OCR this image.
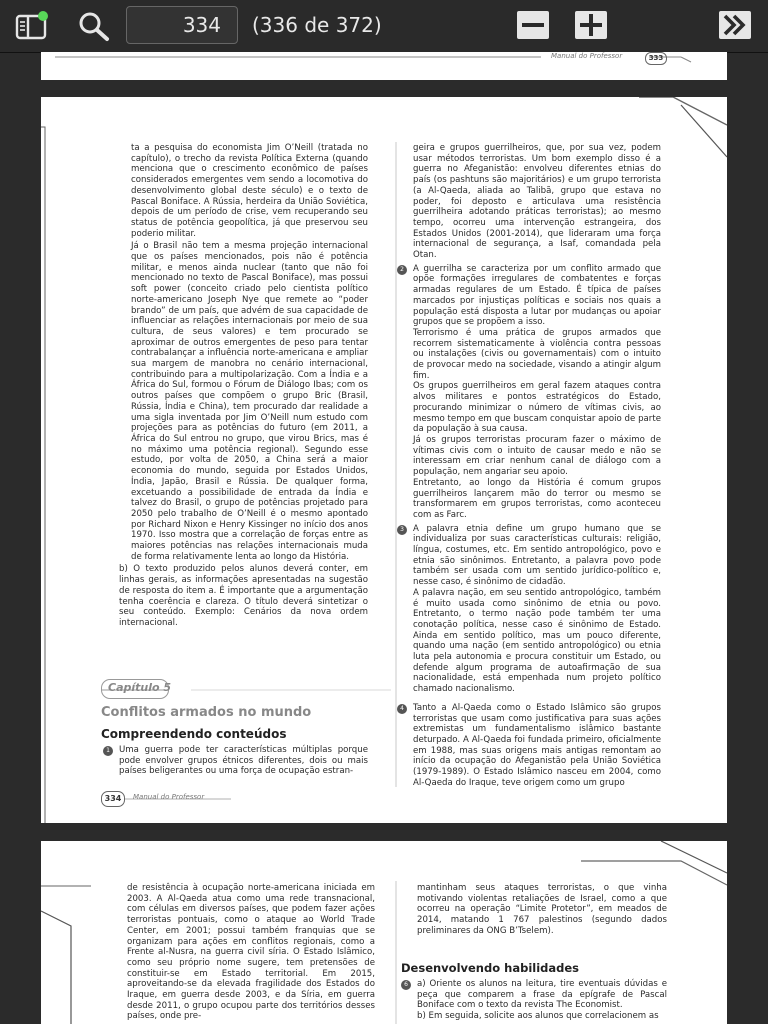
334	(336 de 372)
Manual do Professor	333

ta a pesquisa do economista Jim O’Neill (tratada no capítulo), o trecho da revista Política Externa (quando menciona que o crescimento econômico de países considerados emergentes vem sendo a locomotiva do desenvolvimento global deste século) e o texto de Pascal Boniface. A Rússia, herdeira da União Soviética, depois de um período de crise, vem recuperando seu status de potência geopolítica, já que preservou seu poderio militar.

Já o Brasil não tem a mesma projeção internacional que os países mencionados, pois não é potência militar, e menos ainda nuclear (tanto que não foi mencionado no texto de Pascal Boniface), mas possui soft power (conceito criado pelo cientista político norte-americano Joseph Nye que remete ao “poder brando” de um país, que advém de sua capacidade de influenciar as relações internacionais por meio de sua cultura, de seus valores) e tem procurado se aproximar de outros emergentes de peso para tentar contrabalançar a influência norte-americana e ampliar sua margem de manobra no cenário internacional, contribuindo para a multipolarização. Com a Índia e a África do Sul, formou o Fórum de Diálogo Ibas; com os outros países que compõem o grupo Bric (Brasil, Rússia, Índia e China), tem procurado dar realidade a uma sigla inventada por Jim O’Neill num estudo com projeções para as potências do futuro (em 2011, a África do Sul entrou no grupo, que virou Brics, mas é no máximo uma potência regional). Segundo esse estudo, por volta de 2050, a China será a maior economia do mundo, seguida por Estados Unidos, Índia, Japão, Brasil e Rússia. De qualquer forma, excetuando a possibilidade de entrada da Índia e talvez do Brasil, o grupo de potências projetado para 2050 pelo trabalho de O’Neill é o mesmo apontado por Richard Nixon e Henry Kissinger no início dos anos 1970. Isso mostra que a correlação de forças entre as maiores potências nas relações internacionais muda de forma relativamente lenta ao longo da História.

b) O texto produzido pelos alunos deverá conter, em linhas gerais, as informações apresentadas na sugestão de resposta do item a. É importante que a argumentação tenha coerência e clareza. O título deverá sintetizar o seu conteúdo. Exemplo: Cenários da nova ordem internacional.

Capítulo 5
Conflitos armados no mundo
Compreendendo conteúdos
1	Uma guerra pode ter características múltiplas porque pode envolver grupos étnicos diferentes, dois ou mais países beligerantes ou uma força de ocupação estran-

334	Manual do Professor

geira e grupos guerrilheiros, que, por sua vez, podem usar métodos terroristas. Um bom exemplo disso é a guerra no Afeganistão: envolveu diferentes etnias do país (os pashtuns são majoritários) e um grupo terrorista (a Al-Qaeda, aliada ao Talibã, grupo que estava no poder, foi deposto e articulava uma resistência guerrilheira adotando práticas terroristas); ao mesmo tempo, ocorreu uma intervenção estrangeira, dos Estados Unidos (2001-2014), que lideraram uma força internacional de segurança, a Isaf, comandada pela Otan.

2	A guerrilha se caracteriza por um conflito armado que opõe formações irregulares de combatentes e forças armadas regulares de um Estado. É típica de países marcados por injustiças políticas e sociais nos quais a população está disposta a lutar por mudanças ou apoiar grupos que se propõem a isso.

Terrorismo é uma prática de grupos armados que recorrem sistematicamente à violência contra pessoas ou instalações (civis ou governamentais) com o intuito de provocar medo na sociedade, visando a atingir algum fim.

Os grupos guerrilheiros em geral fazem ataques contra alvos militares e pontos estratégicos do Estado, procurando minimizar o número de vítimas civis, ao mesmo tempo em que buscam conquistar apoio de parte da população à sua causa.

Já os grupos terroristas procuram fazer o máximo de vítimas civis com o intuito de causar medo e não se interessam em criar nenhum canal de diálogo com a população, nem angariar seu apoio.

Entretanto, ao longo da História é comum grupos guerrilheiros lançarem mão do terror ou mesmo se transformarem em grupos terroristas, como aconteceu com as Farc.

3	A palavra etnia define um grupo humano que se individualiza por suas características culturais: religião, língua, costumes, etc. Em sentido antropológico, povo e etnia são sinônimos. Entretanto, a palavra povo pode também ser usada com um sentido jurídico-político e, nesse caso, é sinônimo de cidadão.

A palavra nação, em seu sentido antropológico, também é muito usada como sinônimo de etnia ou povo. Entretanto, o termo nação pode também ter uma conotação política, nesse caso é sinônimo de Estado. Ainda em sentido político, mas um pouco diferente, quando uma nação (em sentido antropológico) ou etnia luta pela autonomia e procura constituir um Estado, ou defende algum programa de autoafirmação de sua nacionalidade, está empenhada num projeto político chamado nacionalismo.

4	Tanto a Al-Qaeda como o Estado Islâmico são grupos terroristas que usam como justificativa para suas ações extremistas um fundamentalismo islâmico bastante deturpado. A Al-Qaeda foi fundada primeiro, oficialmente em 1988, mas suas origens mais antigas remontam ao início da ocupação do Afeganistão pela União Soviética (1979-1989). O Estado Islâmico nasceu em 2004, como Al-Qaeda do Iraque, teve origem como um grupo

de resistência à ocupação norte-americana iniciada em 2003. A Al-Qaeda atua como uma rede transnacional, com células em diversos países, que podem fazer ações terroristas pontuais, como o ataque ao World Trade Center, em 2001; possui também franquias que se organizam para ações em conflitos regionais, como a Frente al-Nusra, na guerra civil síria. O Estado Islâmico, como seu próprio nome sugere, tem pretensões de constituir-se em Estado territorial. Em 2015, aproveitando-se da elevada fragilidade dos Estados do Iraque, em guerra desde 2003, e da Síria, em guerra desde 2011, o grupo ocupou parte dos territórios desses países, onde pre-

mantinham seus ataques terroristas, o que vinha motivando violentas retaliações de Israel, como a que ocorreu na operação “Limite Protetor”, em meados de 2014, matando 1 767 palestinos (segundo dados preliminares da ONG B’Tselem).

Desenvolvendo habilidades
6	a) Oriente os alunos na leitura, tire eventuais dúvidas e peça que comparem a frase da epígrafe de Pascal Boniface com o texto da revista The Economist.

b) Em seguida, solicite aos alunos que correlacionem as
